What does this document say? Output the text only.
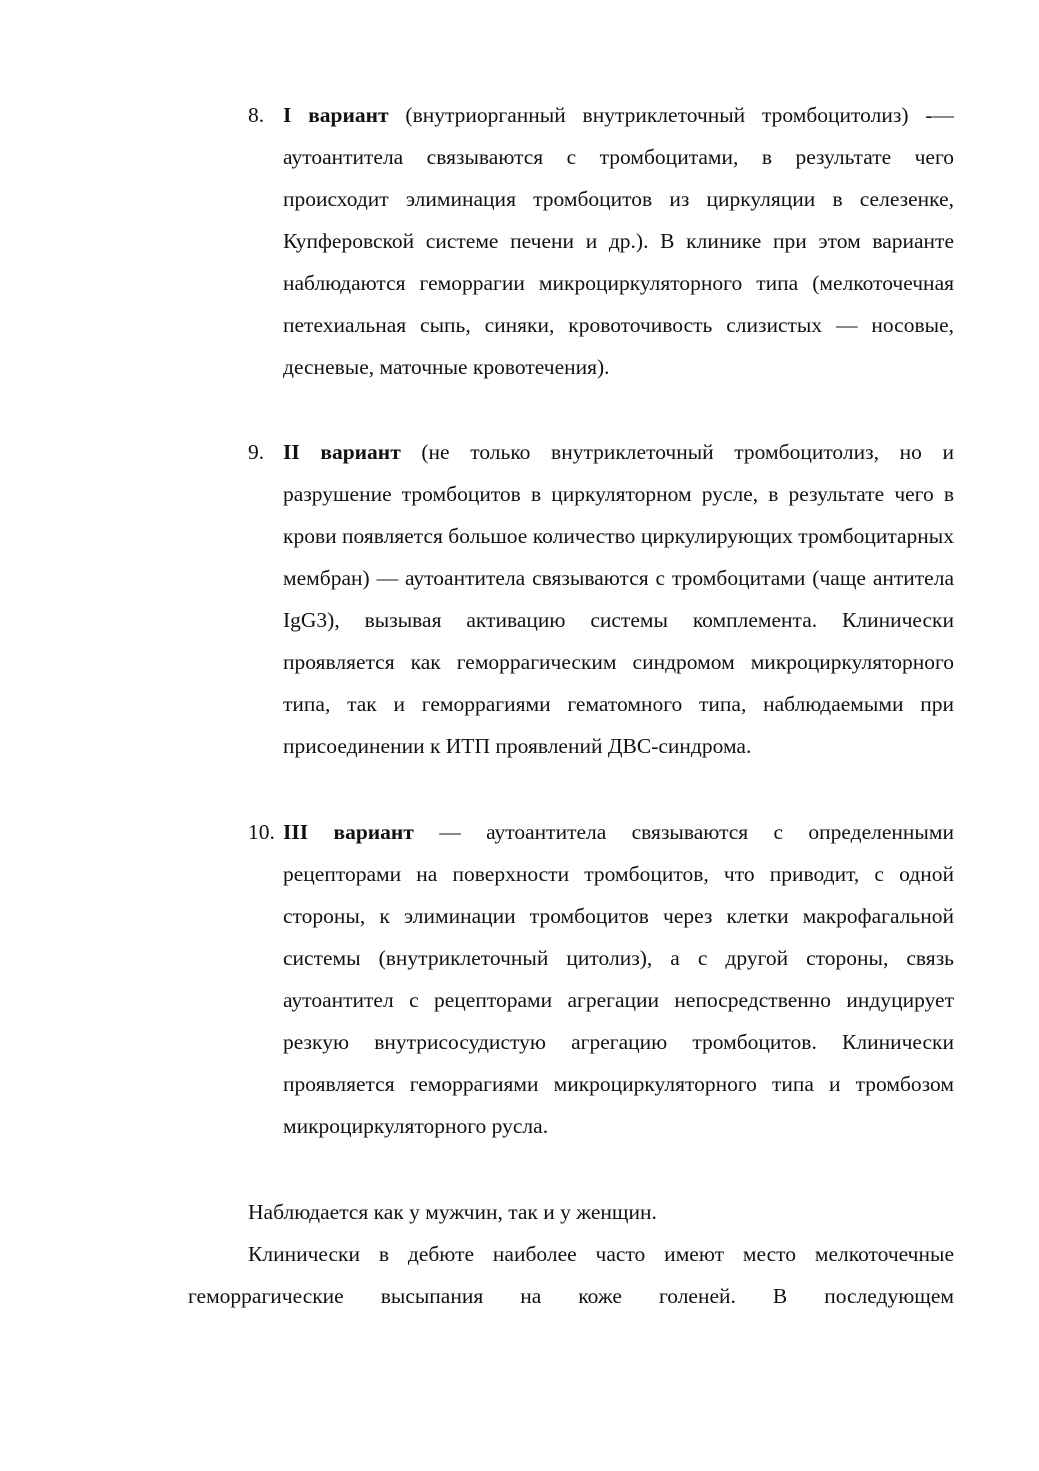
8. I вариант (внутриорганный внутриклеточный тромбоцитолиз) -— аутоантитела связываются с тромбоцитами, в результате чего происходит элиминация тромбоцитов из циркуляции в селезенке, Купферовской системе печени и др.). В клинике при этом варианте наблюдаются геморрагии микроциркуляторного типа (мелкоточечная петехиальная сыпь, синяки, кровоточивость слизистых — носовые, десневые, маточные кровотечения).
9. II вариант (не только внутриклеточный тромбоцитолиз, но и разрушение тромбоцитов в циркуляторном русле, в результате чего в крови появляется большое количество циркулирующих тромбоцитарных мембран) — аутоантитела связываются с тромбоцитами (чаще антитела IgG3), вызывая активацию системы комплемента. Клинически проявляется как геморрагическим синдромом микроциркуляторного типа, так и геморрагиями гематомного типа, наблюдаемыми при присоединении к ИТП проявлений ДВС-синдрома.
10. III вариант — аутоантитела связываются с определенными рецепторами на поверхности тромбоцитов, что приводит, с одной стороны, к элиминации тромбоцитов через клетки макрофагальной системы (внутриклеточный цитолиз), а с другой стороны, связь аутоантител с рецепторами агрегации непосредственно индуцирует резкую внутрисосудистую агрегацию тромбоцитов. Клинически проявляется геморрагиями микроциркуляторного типа и тромбозом микроциркуляторного русла.
Наблюдается как у мужчин, так и у женщин.
Клинически в дебюте наиболее часто имеют место мелкоточечные геморрагические высыпания на коже голеней. В последующем
